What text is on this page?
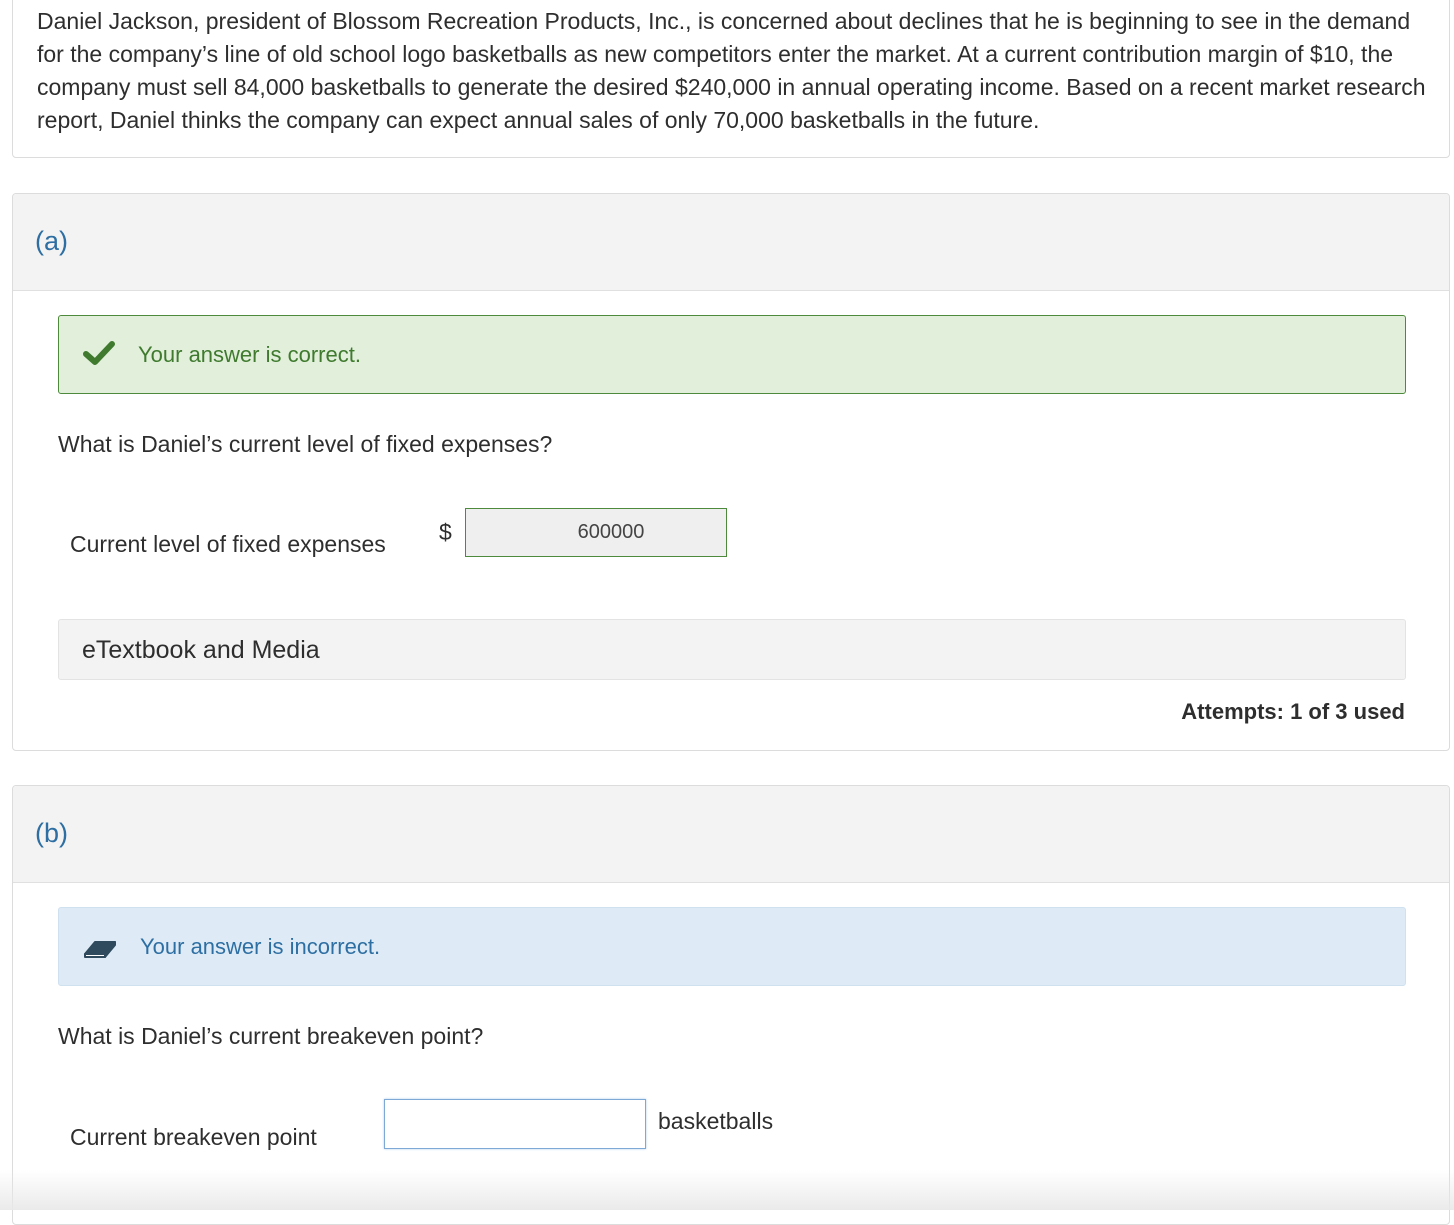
Daniel Jackson, president of Blossom Recreation Products, Inc., is concerned about declines that he is beginning to see in the demand for the company’s line of old school logo basketballs as new competitors enter the market. At a current contribution margin of $10, the company must sell 84,000 basketballs to generate the desired $240,000 in annual operating income. Based on a recent market research report, Daniel thinks the company can expect annual sales of only 70,000 basketballs in the future.
(a)
Your answer is correct.
What is Daniel’s current level of fixed expenses?
Current level of fixed expenses $	600000
eTextbook and Media
Attempts: 1 of 3 used
(b)
Your answer is incorrect.
What is Daniel’s current breakeven point?
Current breakeven point
basketballs
